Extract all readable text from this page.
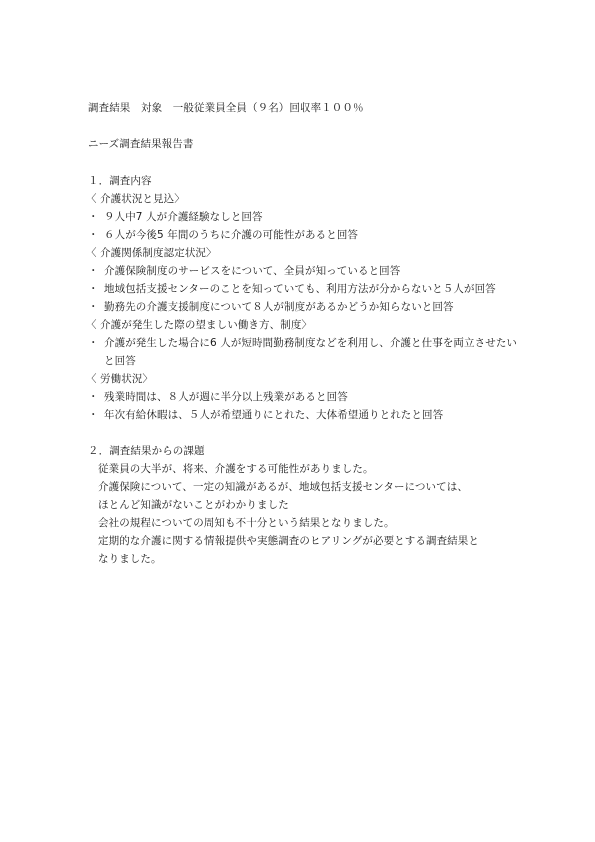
調査結果　対象　一般従業員全員（９名）回収率１００％
ニーズ調査結果報告書
１．調査内容
〈 介護状況と見込〉
・ ９人中7 人が介護経験なしと回答
・ ６人が今後5 年間のうちに介護の可能性があると回答
〈 介護関係制度認定状況〉
・ 介護保険制度のサービスをについて、全員が知っていると回答
・ 地域包括支援センターのことを知っていても、利用方法が分からないと５人が回答
・ 勤務先の介護支援制度について８人が制度があるかどうか知らないと回答
〈 介護が発生した際の望ましい働き方、制度〉
・ 介護が発生した場合に6 人が短時間勤務制度などを利用し、介護と仕事を両立させたい
と回答
〈 労働状況〉
・ 残業時間は、８人が週に半分以上残業があると回答
・ 年次有給休暇は、５人が希望通りにとれた、大体希望通りとれたと回答
２．調査結果からの課題
従業員の大半が、将来、介護をする可能性がありました。
介護保険について、一定の知識があるが、地域包括支援センターについては、
ほとんど知識がないことがわかりました
会社の規程についての周知も不十分という結果となりました。
定期的な介護に関する情報提供や実態調査のヒアリングが必要とする調査結果と
なりました。
